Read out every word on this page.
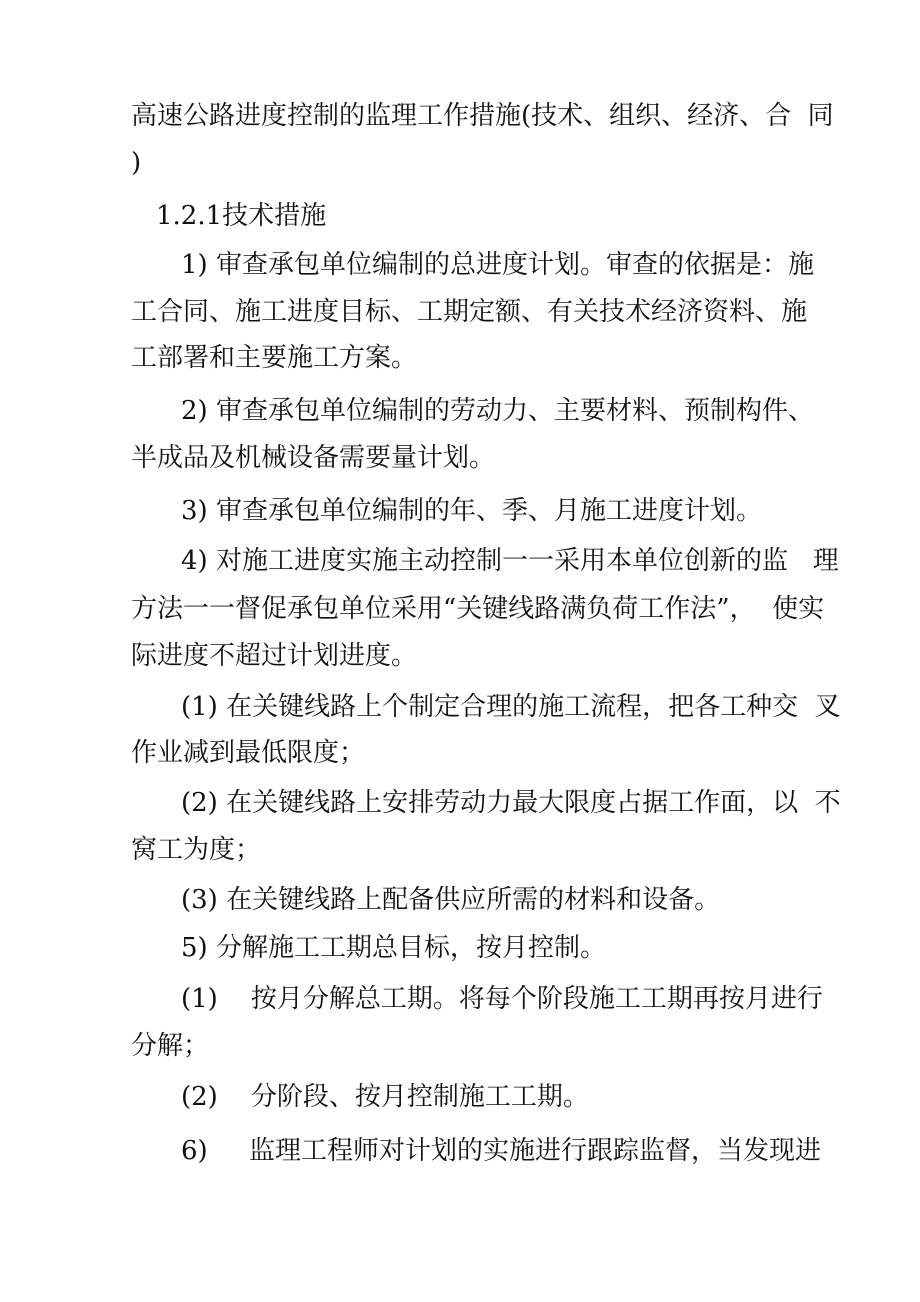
高速公路进度控制的监理工作措施(技术、组织、经济、合  同
)
1.2.1技术措施
1) 审查承包单位编制的总进度计划。审查的依据是：施
工合同、施工进度目标、工期定额、有关技术经济资料、施
工部署和主要施工方案。
2) 审查承包单位编制的劳动力、主要材料、预制构件、
半成品及机械设备需要量计划。
3) 审查承包单位编制的年、季、月施工进度计划。
4) 对施工进度实施主动控制一一采用本单位创新的监   理
方法一一督促承包单位采用“关键线路满负荷工作法”，  使实
际进度不超过计划进度。
(1) 在关键线路上个制定合理的施工流程，把各工种交  叉
作业减到最低限度；
(2) 在关键线路上安排劳动力最大限度占据工作面，以  不
窝工为度；
(3) 在关键线路上配备供应所需的材料和设备。
5) 分解施工工期总目标，按月控制。
(1)    按月分解总工期。将每个阶段施工工期再按月进行
分解；
(2)    分阶段、按月控制施工工期。
6)     监理工程师对计划的实施进行跟踪监督，当发现进
